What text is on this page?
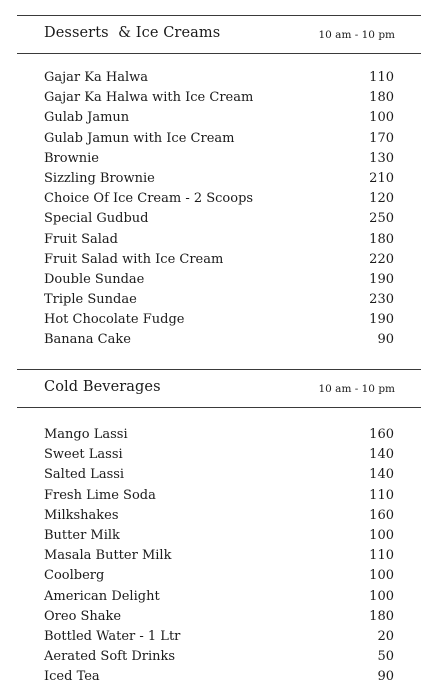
Desserts  & Ice Creams	10 am - 10 pm
Gajar Ka Halwa	110
Gajar Ka Halwa with Ice Cream	180
Gulab Jamun	100
Gulab Jamun with Ice Cream	170
Brownie	130
Sizzling Brownie	210
Choice Of Ice Cream - 2 Scoops	120
Special Gudbud	250
Fruit Salad	180
Fruit Salad with Ice Cream	220
Double Sundae	190
Triple Sundae	230
Hot Chocolate Fudge	190
Banana Cake	90
Cold Beverages	10 am - 10 pm
Mango Lassi	160
Sweet Lassi	140
Salted Lassi	140
Fresh Lime Soda	110
Milkshakes	160
Butter Milk	100
Masala Butter Milk	110
Coolberg	100
American Delight	100
Oreo Shake	180
Bottled Water - 1 Ltr	20
Aerated Soft Drinks	50
Iced Tea	90
